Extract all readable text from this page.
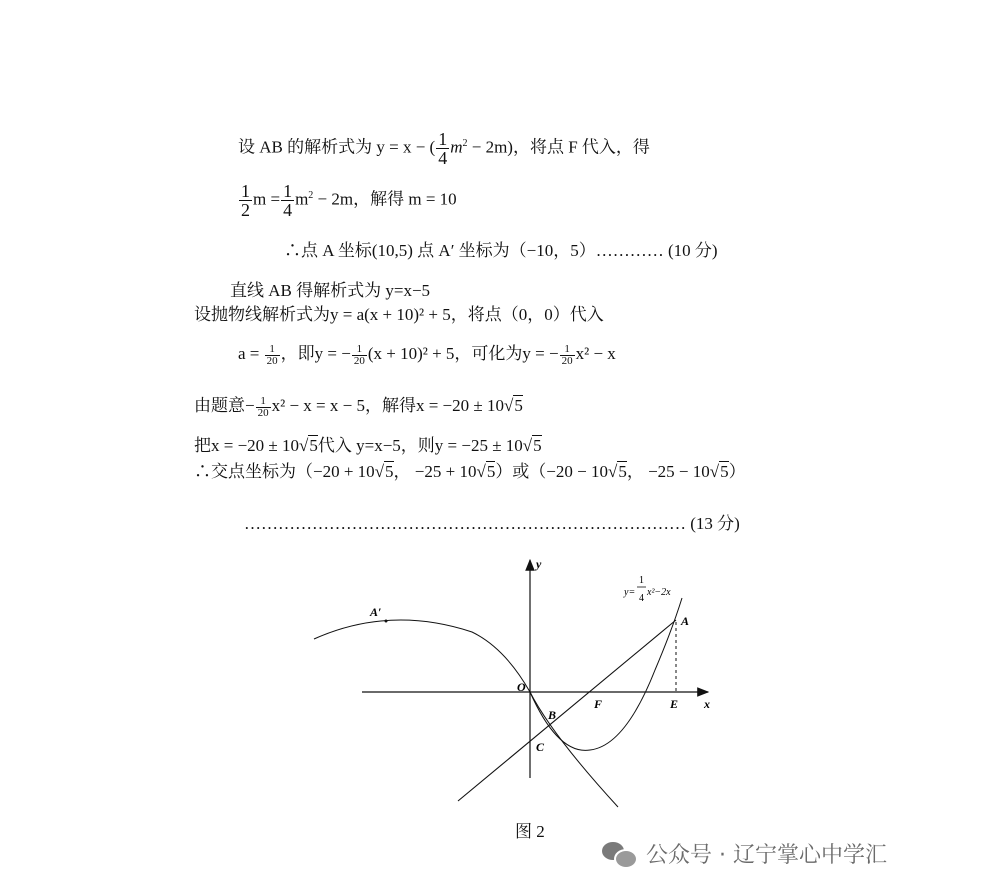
设 AB 的解析式为 y = x − ( $\frac{1}{4} m^2 - 2m$)，将点 F 代入，得
$\frac{1}{2}$ $m = \frac{1}{4} m^2 - 2m$，解得 m = 10
∴点 A 坐标(10,5) 点 A′ 坐标为（−10，5）………… (10 分)
直线 AB 得解析式为 y=x−5
设抛物线解析式为y = a(x + 10)² + 5，将点（0，0）代入
$a = \frac{1}{20}$ ，即y = − $\frac{1}{20} (x + 10)^2 + 5$，可化为y = − $\frac{1}{20} x^2 - x$
由题意− $\frac{1}{20} x^2 - x = x - 5$，解得x = −20 ± 10√5
把x = −20 ± 10√5代入 y=x−5，则y = −25 ± 10√5
∴交点坐标为（−20 + 10√5， −25 + 10√5）或（−20 − 10√5， −25 − 10√5）
…………………………………………………………………… (13 分)
y
x
O
A
A′
B
C
E
F
y=
1
4
x²−2x
图 2
公众号 · 辽宁掌心中学汇
